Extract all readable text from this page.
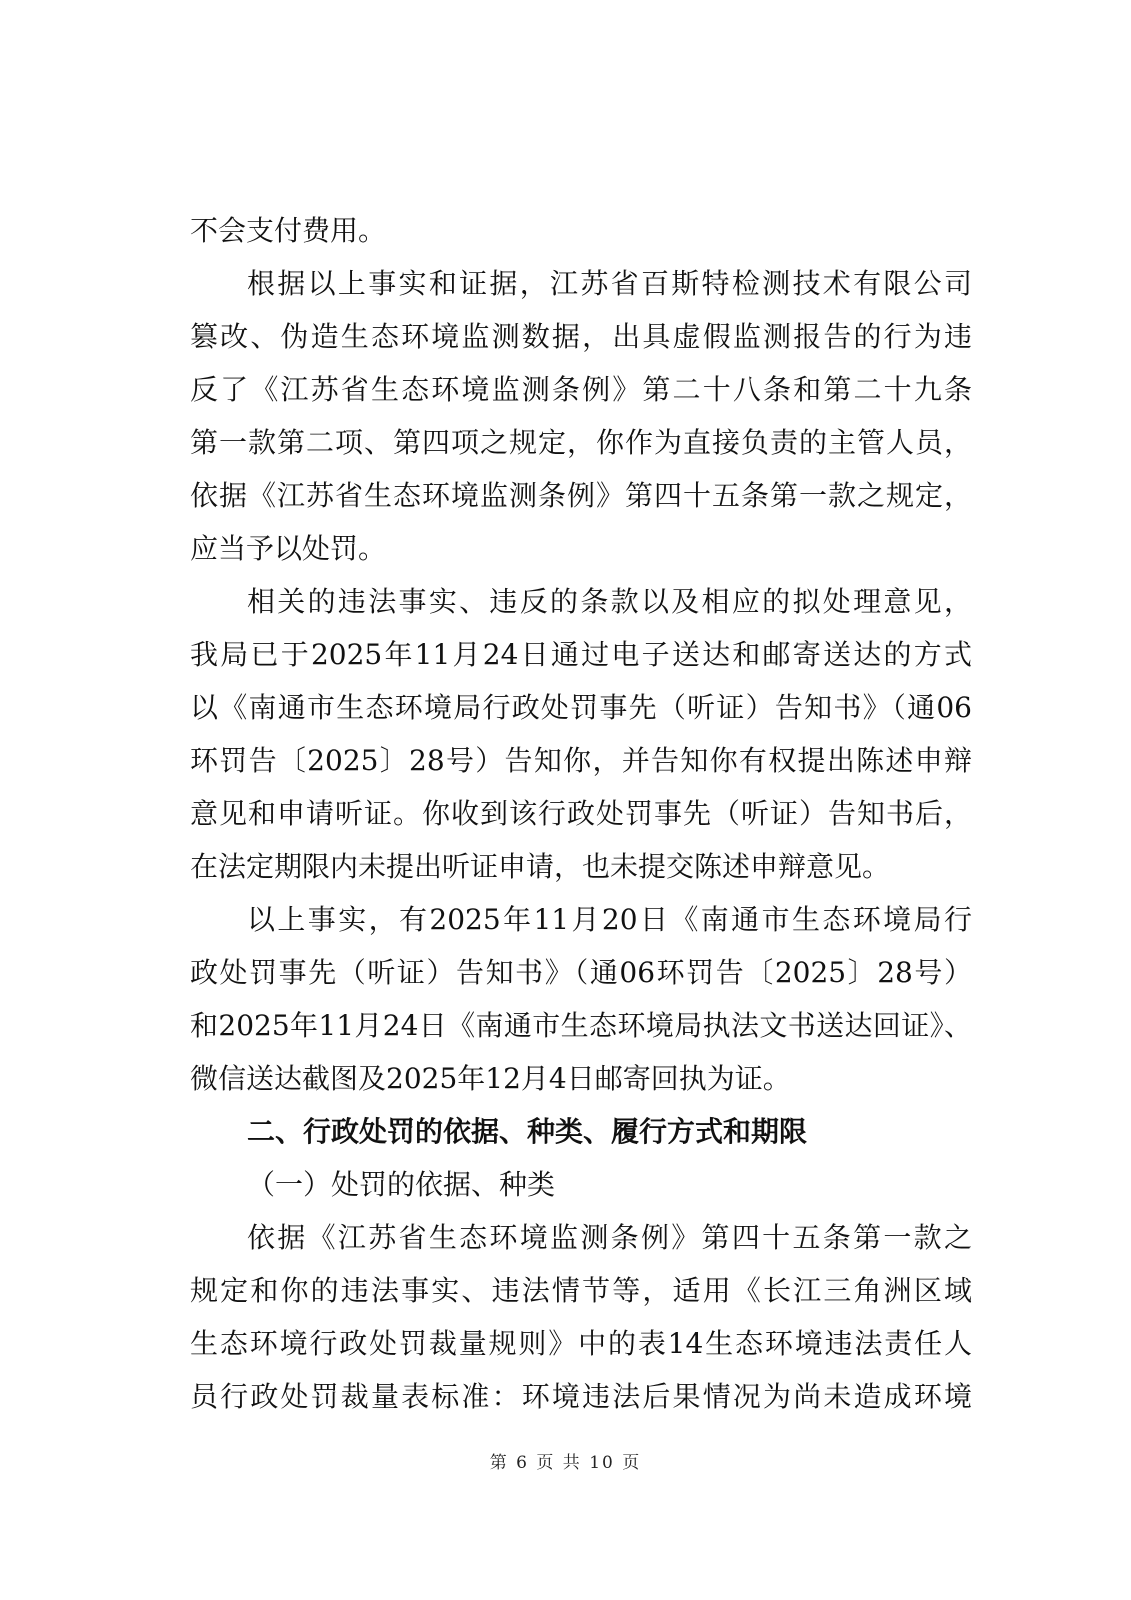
不会支付费用。
根据以上事实和证据，江苏省百斯特检测技术有限公司
篡改、伪造生态环境监测数据，出具虚假监测报告的行为违
反了《江苏省生态环境监测条例》第二十八条和第二十九条
第一款第二项、第四项之规定，你作为直接负责的主管人员，
依据《江苏省生态环境监测条例》第四十五条第一款之规定，
应当予以处罚。
相关的违法事实、违反的条款以及相应的拟处理意见，
我局已于2025年11月24日通过电子送达和邮寄送达的方式
以《南通市生态环境局行政处罚事先（听证）告知书》（通06
环罚告〔2025〕28号）告知你，并告知你有权提出陈述申辩
意见和申请听证。你收到该行政处罚事先（听证）告知书后，
在法定期限内未提出听证申请，也未提交陈述申辩意见。
以上事实，有2025年11月20日《南通市生态环境局行
政处罚事先（听证）告知书》（通06环罚告〔2025〕28号）
和2025年11月24日《南通市生态环境局执法文书送达回证》、
微信送达截图及2025年12月4日邮寄回执为证。
二、行政处罚的依据、种类、履行方式和期限
（一）处罚的依据、种类
依据《江苏省生态环境监测条例》第四十五条第一款之
规定和你的违法事实、违法情节等，适用《长江三角洲区域
生态环境行政处罚裁量规则》中的表14生态环境违法责任人
员行政处罚裁量表标准：环境违法后果情况为尚未造成环境
第 6 页 共 10 页
